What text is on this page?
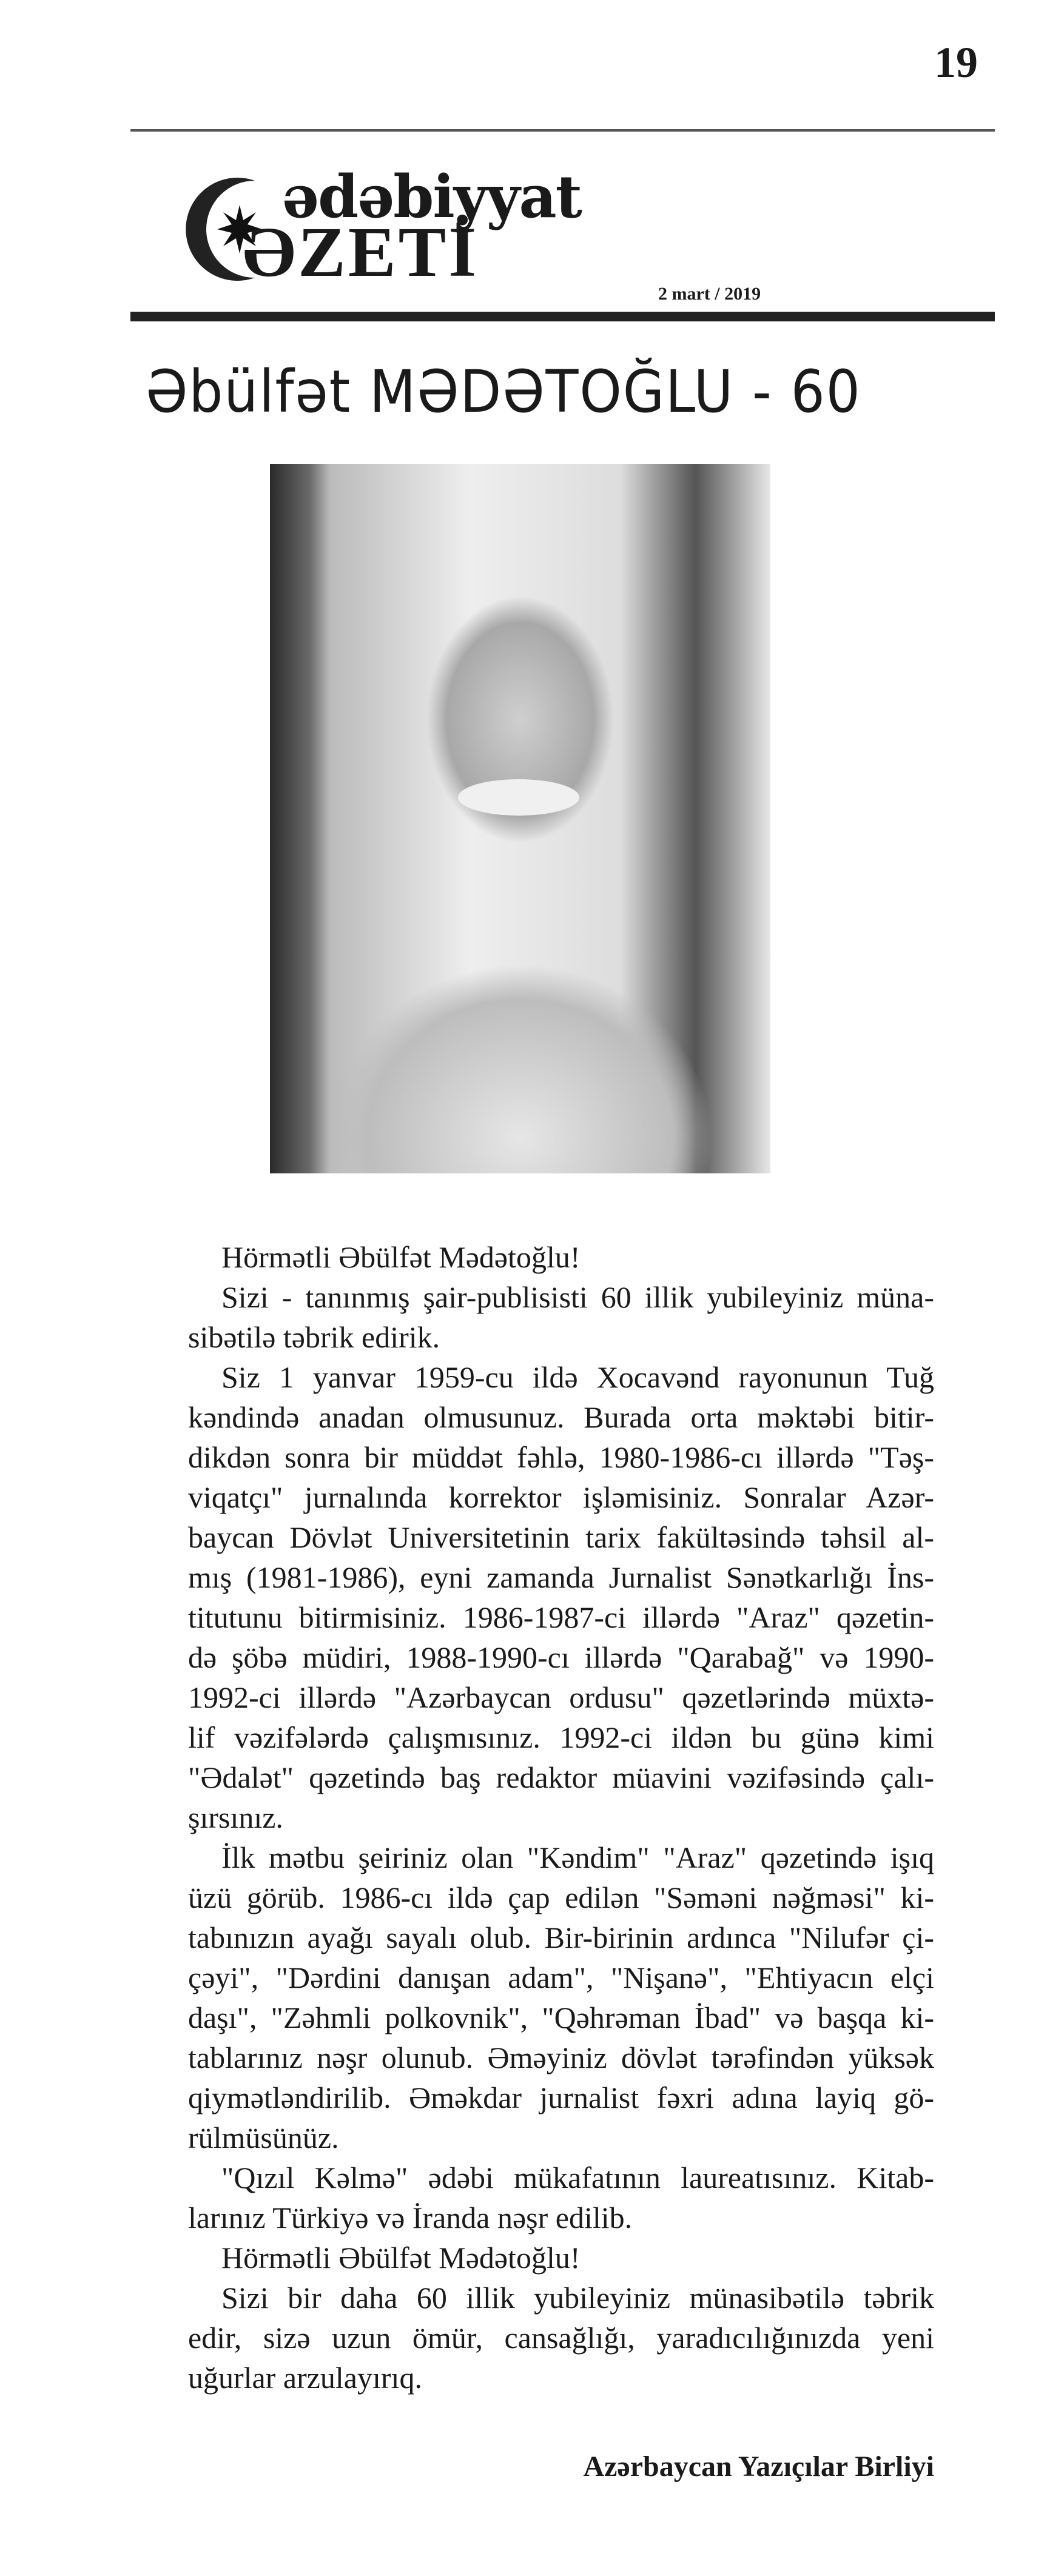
19
ədəbiyyat
ƏZETİ
2 mart / 2019
Əbülfət MƏDƏTOĞLU - 60
Hörmətli Əbülfət Mədətoğlu!
Sizi - tanınmış şair-publisisti 60 illik yubileyiniz müna-
sibətilə təbrik edirik.
Siz 1 yanvar 1959-cu ildə Xocavənd rayonunun Tuğ
kəndində anadan olmusunuz. Burada orta məktəbi bitir-
dikdən sonra bir müddət fəhlə, 1980-1986-cı illərdə "Təş-
viqatçı" jurnalında korrektor işləmisiniz. Sonralar Azər-
baycan Dövlət Universitetinin tarix fakültəsində təhsil al-
mış (1981-1986), eyni zamanda Jurnalist Sənətkarlığı İns-
titutunu bitirmisiniz. 1986-1987-ci illərdə "Araz" qəzetin-
də şöbə müdiri, 1988-1990-cı illərdə "Qarabağ" və 1990-
1992-ci illərdə "Azərbaycan ordusu" qəzetlərində müxtə-
lif vəzifələrdə çalışmısınız. 1992-ci ildən bu günə kimi
"Ədalət" qəzetində baş redaktor müavini vəzifəsində çalı-
şırsınız.
İlk mətbu şeiriniz olan "Kəndim" "Araz" qəzetində işıq
üzü görüb. 1986-cı ildə çap edilən "Səməni nəğməsi" ki-
tabınızın ayağı sayalı olub. Bir-birinin ardınca "Nilufər çi-
çəyi", "Dərdini danışan adam", "Nişanə", "Ehtiyacın elçi
daşı", "Zəhmli polkovnik", "Qəhrəman İbad" və başqa ki-
tablarınız nəşr olunub. Əməyiniz dövlət tərəfindən yüksək
qiymətləndirilib. Əməkdar jurnalist fəxri adına layiq gö-
rülmüsünüz.
"Qızıl Kəlmə" ədəbi mükafatının laureatısınız. Kitab-
larınız Türkiyə və İranda nəşr edilib.
Hörmətli Əbülfət Mədətoğlu!
Sizi bir daha 60 illik yubileyiniz münasibətilə təbrik
edir, sizə uzun ömür, cansağlığı, yaradıcılığınızda yeni
uğurlar arzulayırıq.
Azərbaycan Yazıçılar Birliyi
